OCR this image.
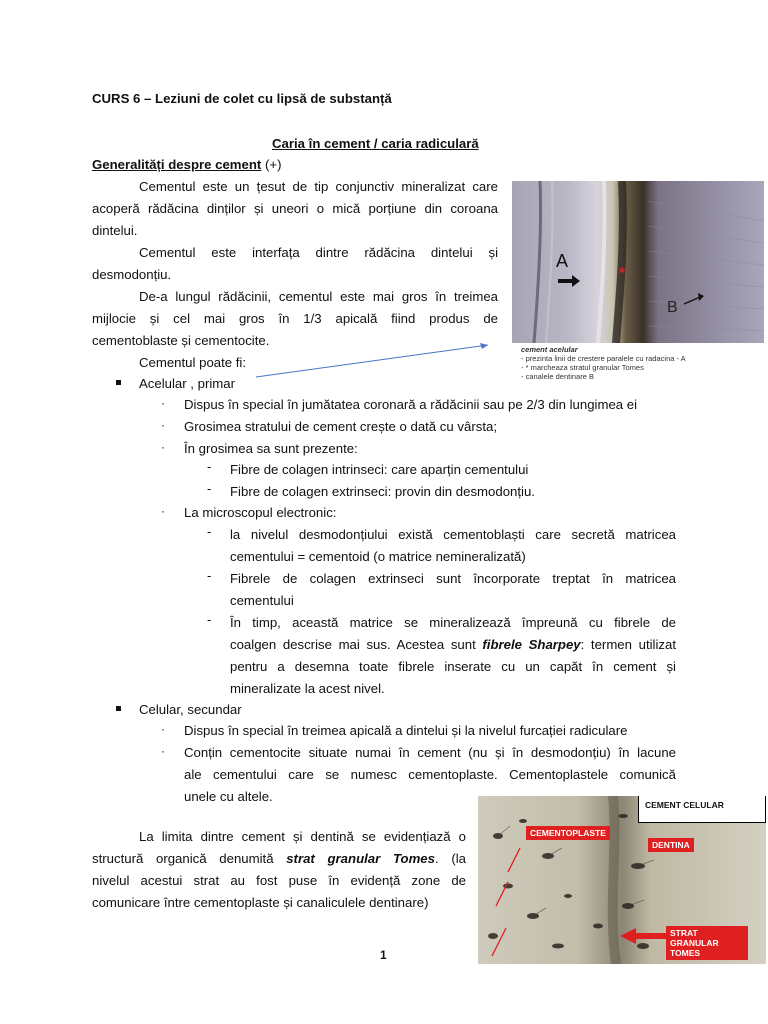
CURS 6 – Leziuni de colet cu lipsă de substanță
Caria în cement / caria radiculară
Generalități despre cement (+)
Cementul este un țesut de tip conjunctiv mineralizat care
acoperă rădăcina dinților și uneori o mică porțiune din coroana
dintelui.
Cementul este interfața dintre rădăcina dintelui și
desmodonțiu.
De-a lungul rădăcinii, cementul este mai gros în treimea
mijlocie și cel mai gros în 1/3 apicală fiind produs de
cementoblaste și cementocite.
Cementul poate fi:
Acelular , primar
· Dispus în special în jumătatea coronară a rădăcinii sau pe 2/3 din lungimea ei
· Grosimea stratului de cement crește o dată cu vârsta;
· În grosimea sa sunt prezente:
- Fibre de colagen intrinseci: care aparțin cementului
- Fibre de colagen extrinseci: provin din desmodonțiu.
· La microscopul electronic:
- la nivelul desmodonțiului există cementoblaști care secretă matricea
cementului = cementoid (o matrice nemineralizată)
- Fibrele de colagen extrinseci sunt încorporate treptat în matricea
cementului
- În timp, această matrice se mineralizează împreună cu fibrele de
coalgen descrise mai sus. Acestea sunt fibrele Sharpey: termen utilizat
pentru a desemna toate fibrele inserate cu un capăt în cement și
mineralizate la acest nivel.
Celular, secundar
· Dispus în special în treimea apicală a dintelui și la nivelul furcației radiculare
· Conțin cementocite situate numai în cement (nu și în desmodonțiu) în lacune
ale cementului care se numesc cementoplaste. Cementoplastele comunică
unele cu altele.
La limita dintre cement și dentină se evidențiază o
structură organică denumită strat granular Tomes. (la
nivelul acestui strat au fost puse în evidență zone de
comunicare între cementoplaste și canaliculele dentinare)
A
B
*
cement acelular
- prezinta linii de crestere paralele cu radacina - A
- * marcheaza stratul granular Tomes
- canalele dentinare B
CEMENT CELULAR
CEMENTOPLASTE
DENTINA
STRAT GRANULAR TOMES
1
